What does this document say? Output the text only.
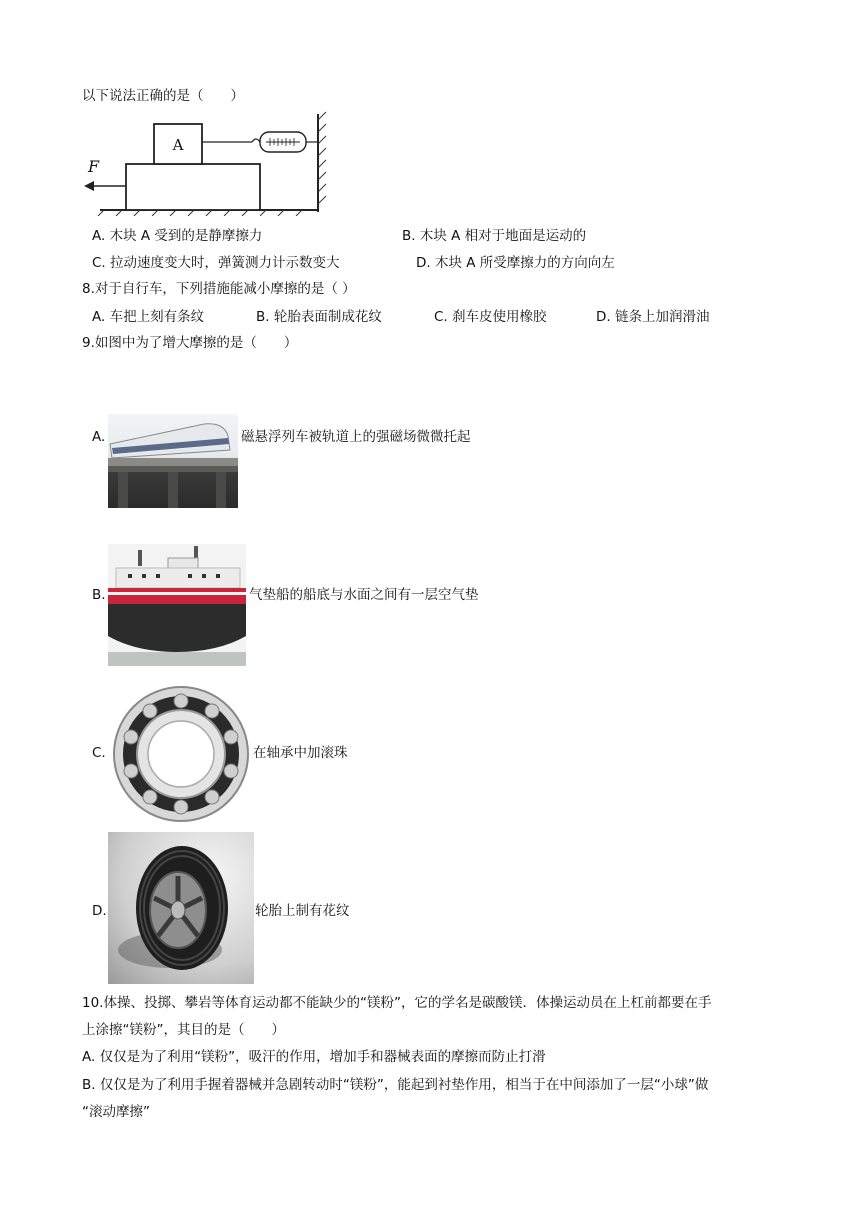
以下说法正确的是（　　）
A
F
A. 木块 A 受到的是静摩擦力	B. 木块 A 相对于地面是运动的
C. 拉动速度变大时，弹簧测力计示数变大	D. 木块 A 所受摩擦力的方向向左
8.对于自行车，下列措施能减小摩擦的是（ ）
A. 车把上刻有条纹	B. 轮胎表面制成花纹	C. 刹车皮使用橡胶	D. 链条上加润滑油
9.如图中为了增大摩擦的是（　　）
A.	磁悬浮列车被轨道上的强磁场微微托起
B.	气垫船的船底与水面之间有一层空气垫
C.	在轴承中加滚珠
D.	轮胎上制有花纹
10.体操、投掷、攀岩等体育运动都不能缺少的“镁粉”，它的学名是碳酸镁．体操运动员在上杠前都要在手
上涂擦“镁粉”，其目的是（　　）
A. 仅仅是为了利用“镁粉”，吸汗的作用，增加手和器械表面的摩擦而防止打滑
B. 仅仅是为了利用手握着器械并急剧转动时“镁粉”，能起到衬垫作用，相当于在中间添加了一层“小球”做
“滚动摩擦”
